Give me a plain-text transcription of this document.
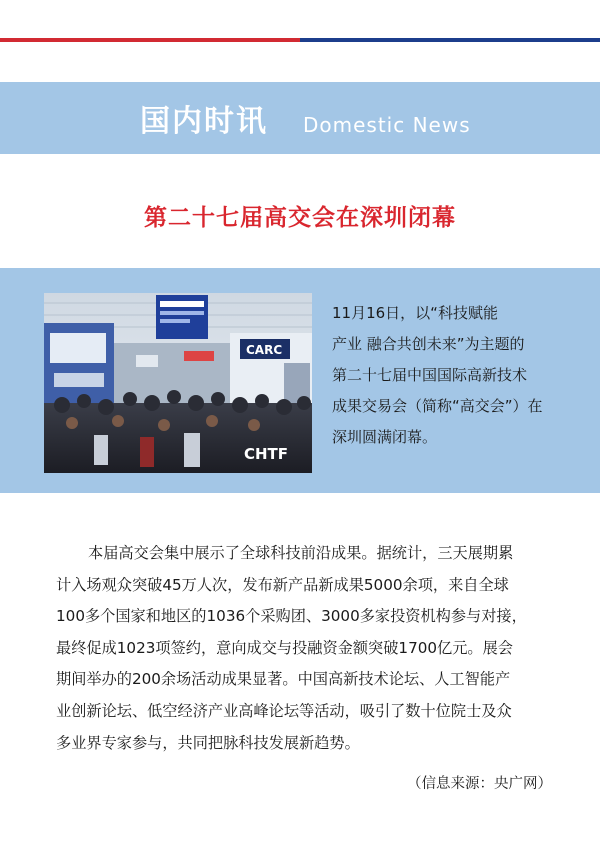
国内时讯 Domestic News
第二十七届高交会在深圳闭幕
CARC
CHTF
11月16日，以“科技赋能
产业 融合共创未来”为主题的
第二十七届中国国际高新技术
成果交易会（简称“高交会”）在
深圳圆满闭幕。
本届高交会集中展示了全球科技前沿成果。据统计，三天展期累
计入场观众突破45万人次，发布新产品新成果5000余项，来自全球
100多个国家和地区的1036个采购团、3000多家投资机构参与对接，
最终促成1023项签约，意向成交与投融资金额突破1700亿元。展会
期间举办的200余场活动成果显著。中国高新技术论坛、人工智能产
业创新论坛、低空经济产业高峰论坛等活动，吸引了数十位院士及众
多业界专家参与，共同把脉科技发展新趋势。
（信息来源：央广网）
